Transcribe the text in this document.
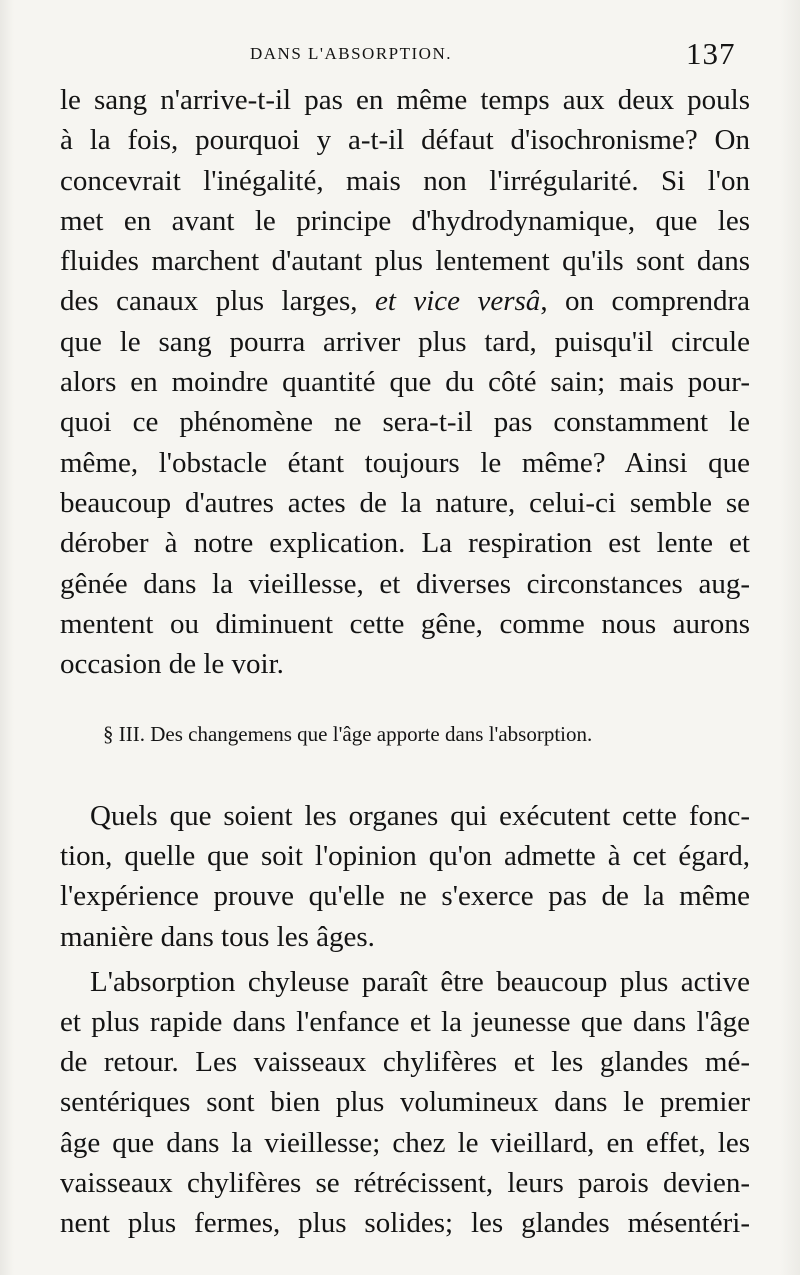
DANS L'ABSORPTION.	137
le sang n'arrive-t-il pas en même temps aux deux pouls
à la fois, pourquoi y a-t-il défaut d'isochronisme? On
concevrait l'inégalité, mais non l'irrégularité. Si l'on
met en avant le principe d'hydrodynamique, que les
fluides marchent d'autant plus lentement qu'ils sont dans
des canaux plus larges, et vice versâ, on comprendra
que le sang pourra arriver plus tard, puisqu'il circule
alors en moindre quantité que du côté sain; mais pour-
quoi ce phénomène ne sera-t-il pas constamment le
même, l'obstacle étant toujours le même? Ainsi que
beaucoup d'autres actes de la nature, celui-ci semble se
dérober à notre explication. La respiration est lente et
gênée dans la vieillesse, et diverses circonstances aug-
mentent ou diminuent cette gêne, comme nous aurons
occasion de le voir.
§ III. Des changemens que l'âge apporte dans l'absorption.
Quels que soient les organes qui exécutent cette fonc-
tion, quelle que soit l'opinion qu'on admette à cet égard,
l'expérience prouve qu'elle ne s'exerce pas de la même
manière dans tous les âges.
L'absorption chyleuse paraît être beaucoup plus active
et plus rapide dans l'enfance et la jeunesse que dans l'âge
de retour. Les vaisseaux chylifères et les glandes mé-
sentériques sont bien plus volumineux dans le premier
âge que dans la vieillesse; chez le vieillard, en effet, les
vaisseaux chylifères se rétrécissent, leurs parois devien-
nent plus fermes, plus solides; les glandes mésentéri-
